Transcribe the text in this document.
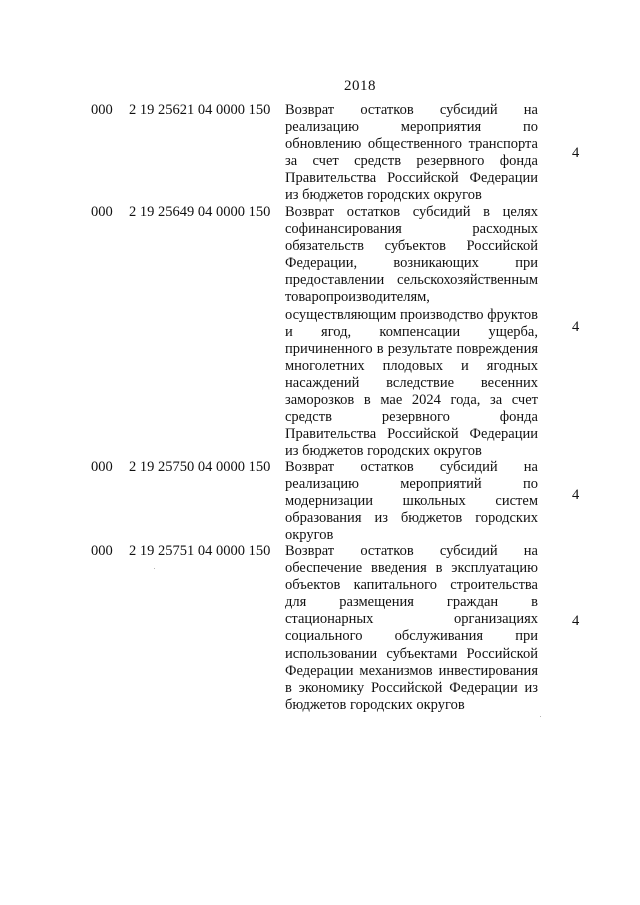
2018
000 2 19 25621 04 0000 150 Возврат остатков субсидий на
реализацию мероприятия по
обновлению общественного транспорта
за счет средств резервного фонда
Правительства Российской Федерации
из бюджетов городских округов
4
000 2 19 25649 04 0000 150 Возврат остатков субсидий в целях
софинансирования расходных
обязательств субъектов Российской
Федерации, возникающих при
предоставлении сельскохозяйственным
товаропроизводителям,
осуществляющим производство фруктов
и ягод, компенсации ущерба,
причиненного в результате повреждения
многолетних плодовых и ягодных
насаждений вследствие весенних
заморозков в мае 2024 года, за счет
средств резервного фонда
Правительства Российской Федерации
из бюджетов городских округов
4
000 2 19 25750 04 0000 150 Возврат остатков субсидий на
реализацию мероприятий по
модернизации школьных систем
образования из бюджетов городских
округов
4
000 2 19 25751 04 0000 150 Возврат остатков субсидий на
обеспечение введения в эксплуатацию
объектов капитального строительства
для размещения граждан в
стационарных организациях
социального обслуживания при
использовании субъектами Российской
Федерации механизмов инвестирования
в экономику Российской Федерации из
бюджетов городских округов
4
